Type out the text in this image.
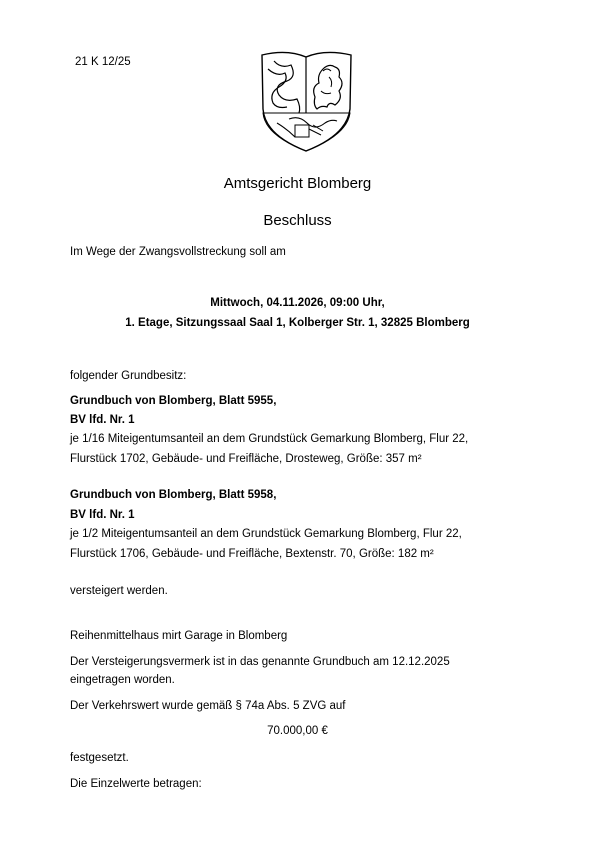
21 K 12/25
Amtsgericht Blomberg
Beschluss
Im Wege der Zwangsvollstreckung soll am
Mittwoch, 04.11.2026, 09:00 Uhr,
1. Etage, Sitzungssaal Saal 1, Kolberger Str. 1, 32825 Blomberg
folgender Grundbesitz:
Grundbuch von Blomberg, Blatt 5955,
BV lfd. Nr. 1
je 1/16 Miteigentumsanteil an dem Grundstück Gemarkung Blomberg, Flur 22,
Flurstück 1702, Gebäude- und Freifläche, Drosteweg, Größe: 357 m²
Grundbuch von Blomberg, Blatt 5958,
BV lfd. Nr. 1
je 1/2 Miteigentumsanteil an dem Grundstück Gemarkung Blomberg, Flur 22,
Flurstück 1706, Gebäude- und Freifläche, Bextenstr. 70, Größe: 182 m²
versteigert werden.
Reihenmittelhaus mirt Garage in Blomberg
Der Versteigerungsvermerk ist in das genannte Grundbuch am 12.12.2025
eingetragen worden.
Der Verkehrswert wurde gemäß § 74a Abs. 5 ZVG auf
70.000,00 €
festgesetzt.
Die Einzelwerte betragen:
